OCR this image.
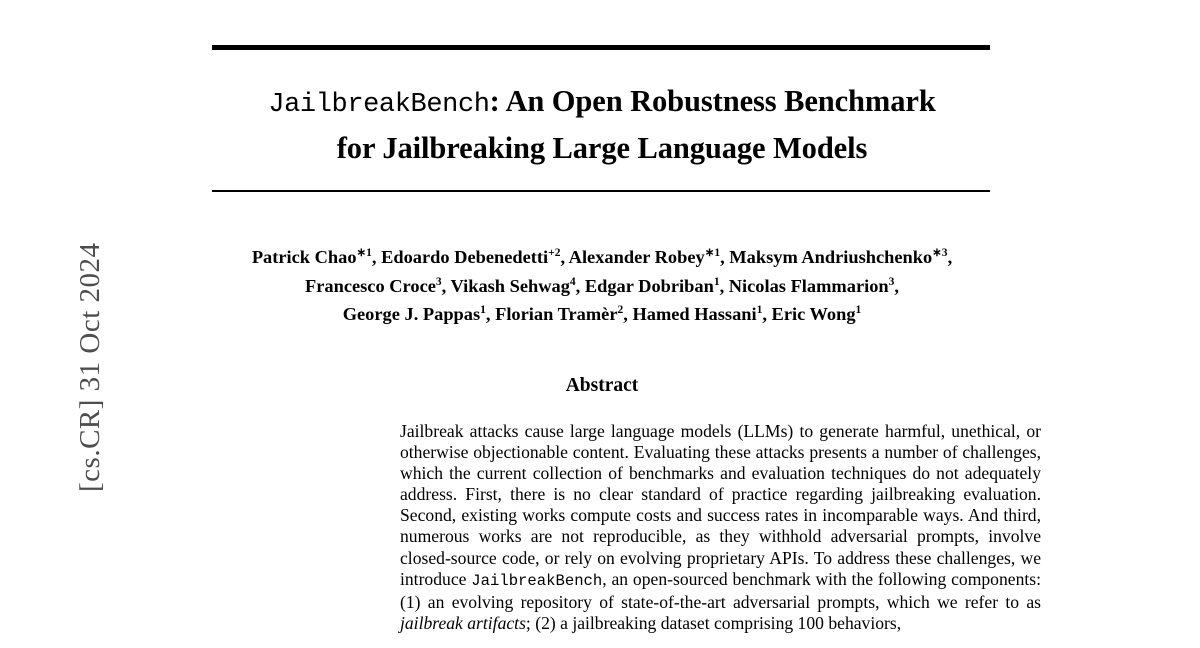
[cs.CR] 31 Oct 2024
JailbreakBench: An Open Robustness Benchmark
for Jailbreaking Large Language Models
Patrick Chao$^{∗1}$, Edoardo Debenedetti$^{+2}$, Alexander Robey$^{∗1}$, Maksym Andriushchenko$^{∗3}$,
Francesco Croce$^3$, Vikash Sehwag$^4$, Edgar Dobriban$^1$, Nicolas Flammarion$^3$,
George J. Pappas$^1$, Florian Tramèr$^2$, Hamed Hassani$^1$, Eric Wong$^1$
Abstract

Jailbreak attacks cause large language models (LLMs) to generate harmful, unethical, or otherwise objectionable content. Evaluating these attacks presents a number of challenges, which the current collection of benchmarks and evaluation techniques do not adequately address. First, there is no clear standard of practice regarding jailbreaking evaluation. Second, existing works compute costs and success rates in incomparable ways. And third, numerous works are not reproducible, as they withhold adversarial prompts, involve closed-source code, or rely on evolving proprietary APIs. To address these challenges, we introduce JailbreakBench, an open-sourced benchmark with the following components: (1) an evolving repository of state-of-the-art adversarial prompts, which we refer to as jailbreak artifacts; (2) a jailbreaking dataset comprising 100 behaviors,
